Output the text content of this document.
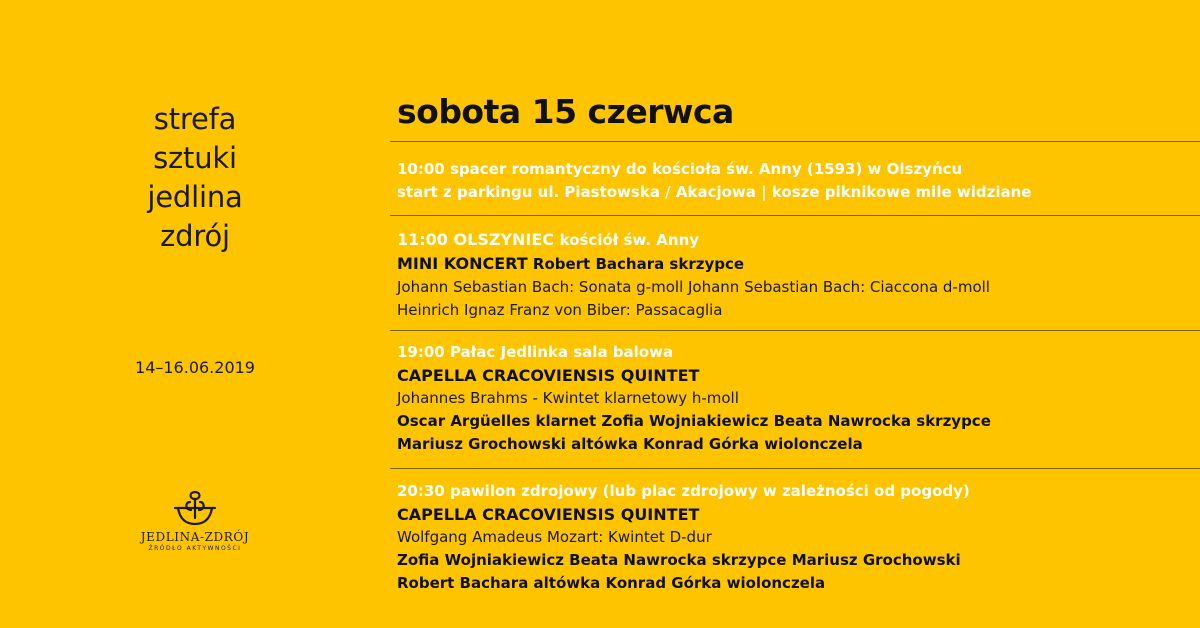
strefa
sztuki
jedlina
zdrój
14–16.06.2019
JEDLINA-ZDRÓJ
ŹRÓDŁO AKTYWNOŚCI
sobota 15 czerwca
10:00 spacer romantyczny do kościoła św. Anny (1593) w Olszyńcu
start z parkingu ul. Piastowska / Akacjowa | kosze piknikowe mile widziane
11:00 OLSZYNIEC kościół św. Anny
MINI KONCERT Robert Bachara skrzypce
Johann Sebastian Bach: Sonata g-moll Johann Sebastian Bach: Ciaccona d-moll
Heinrich Ignaz Franz von Biber: Passacaglia
19:00 Pałac Jedlinka sala balowa
CAPELLA CRACOVIENSIS QUINTET
Johannes Brahms - Kwintet klarnetowy h-moll
Oscar Argüelles klarnet Zofia Wojniakiewicz Beata Nawrocka skrzypce
Mariusz Grochowski altówka Konrad Górka wiolonczela
20:30 pawilon zdrojowy (lub plac zdrojowy w zależności od pogody)
CAPELLA CRACOVIENSIS QUINTET
Wolfgang Amadeus Mozart: Kwintet D-dur
Zofia Wojniakiewicz Beata Nawrocka skrzypce Mariusz Grochowski
Robert Bachara altówka Konrad Górka wiolonczela
